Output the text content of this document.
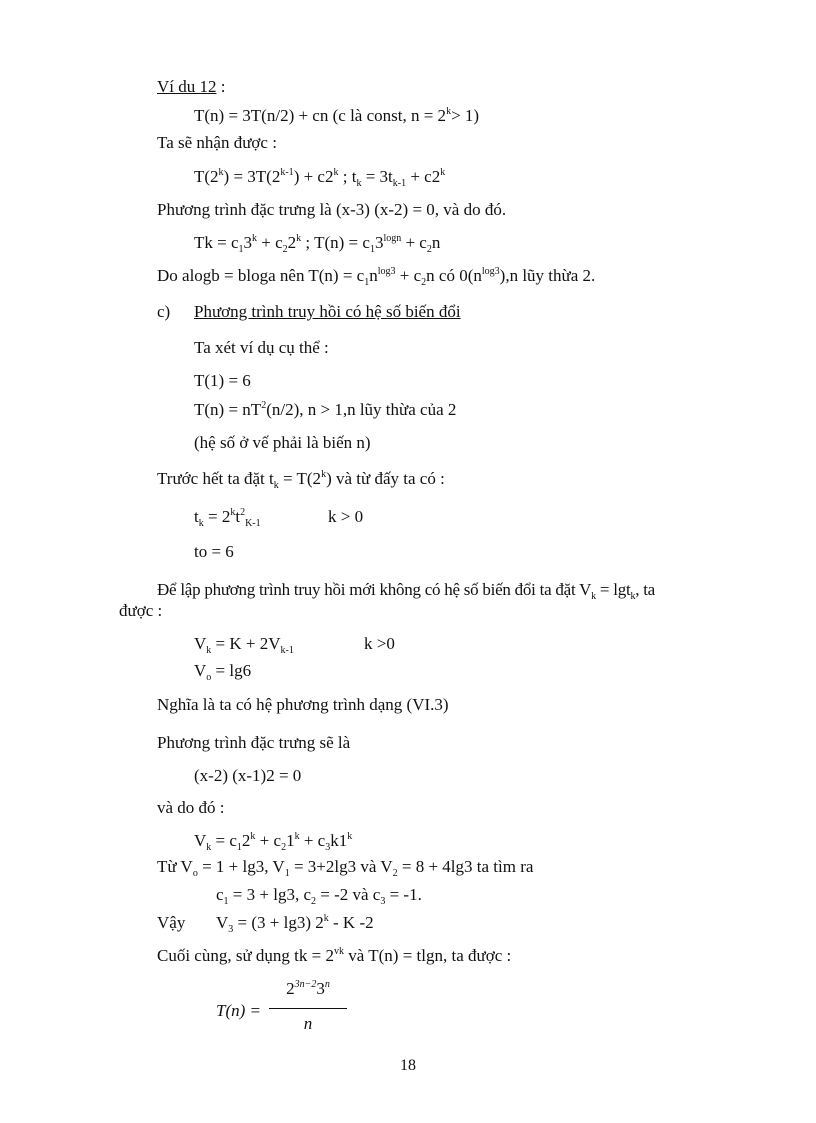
Ví du 12 :
T(n) = 3T(n/2) + cn (c là const, $n = 2^k> 1$)
Ta sẽ nhận được :
$T(2^k) = 3T(2^{k-1}) + c2^k$ ; $t_k = 3t_{k-1} + c2^k$
Phương trình đặc trưng là (x-3) (x-2) = 0, và do đó.
$Tk = c_13^k + c_22^k$ ; $T(n) = c_13^{logn} + c_2n$
Do alogb = bloga nên $T(n) = c_1n^{log3} + c_2n$ có $0(n^{log3}),n$ lũy thừa 2.
c) Phương trình truy hồi có hệ số biến đổi
Ta xét ví dụ cụ thể :
T(1) = 6
$T(n) = nT^2(n/2)$, n > 1,n lũy thừa của 2
(hệ số ở vế phải là biến n)
Trước hết ta đặt $t_k = T(2^k)$ và từ đấy ta có :
$t_k = 2^kt^2_{K-1}$	k > 0
to = 6
Để lập phương trình truy hồi mới không có hệ số biến đổi ta đặt $V_k = \lg t_k$, ta
được :
$V_k = K + 2V_{k-1}$	k >0
$V_o = \lg 6$
Nghĩa là ta có hệ phương trình dạng (VI.3)
Phương trình đặc trưng sẽ là
(x-2) (x-1)2 = 0
và do đó :
$V_k = c_12^k + c_21^k + c_3k1^k$
Từ $V_o = 1 + \lg 3$, $V_1 = 3+2\lg 3$ và $V_2 = 8 + 4\lg 3$ ta tìm ra
$c_1 = 3 + \lg 3$, $c_2 = -2$ và $c_3 = -1$.
Vậy $V_3 = (3 + \lg 3)$ 2$^k$ - K -2
Cuối cùng, sử dụng tk = $2^{vk}$ và T(n) = tlgn, ta được :
T(n) =
$2^{3n-2}3^n$
n
18
